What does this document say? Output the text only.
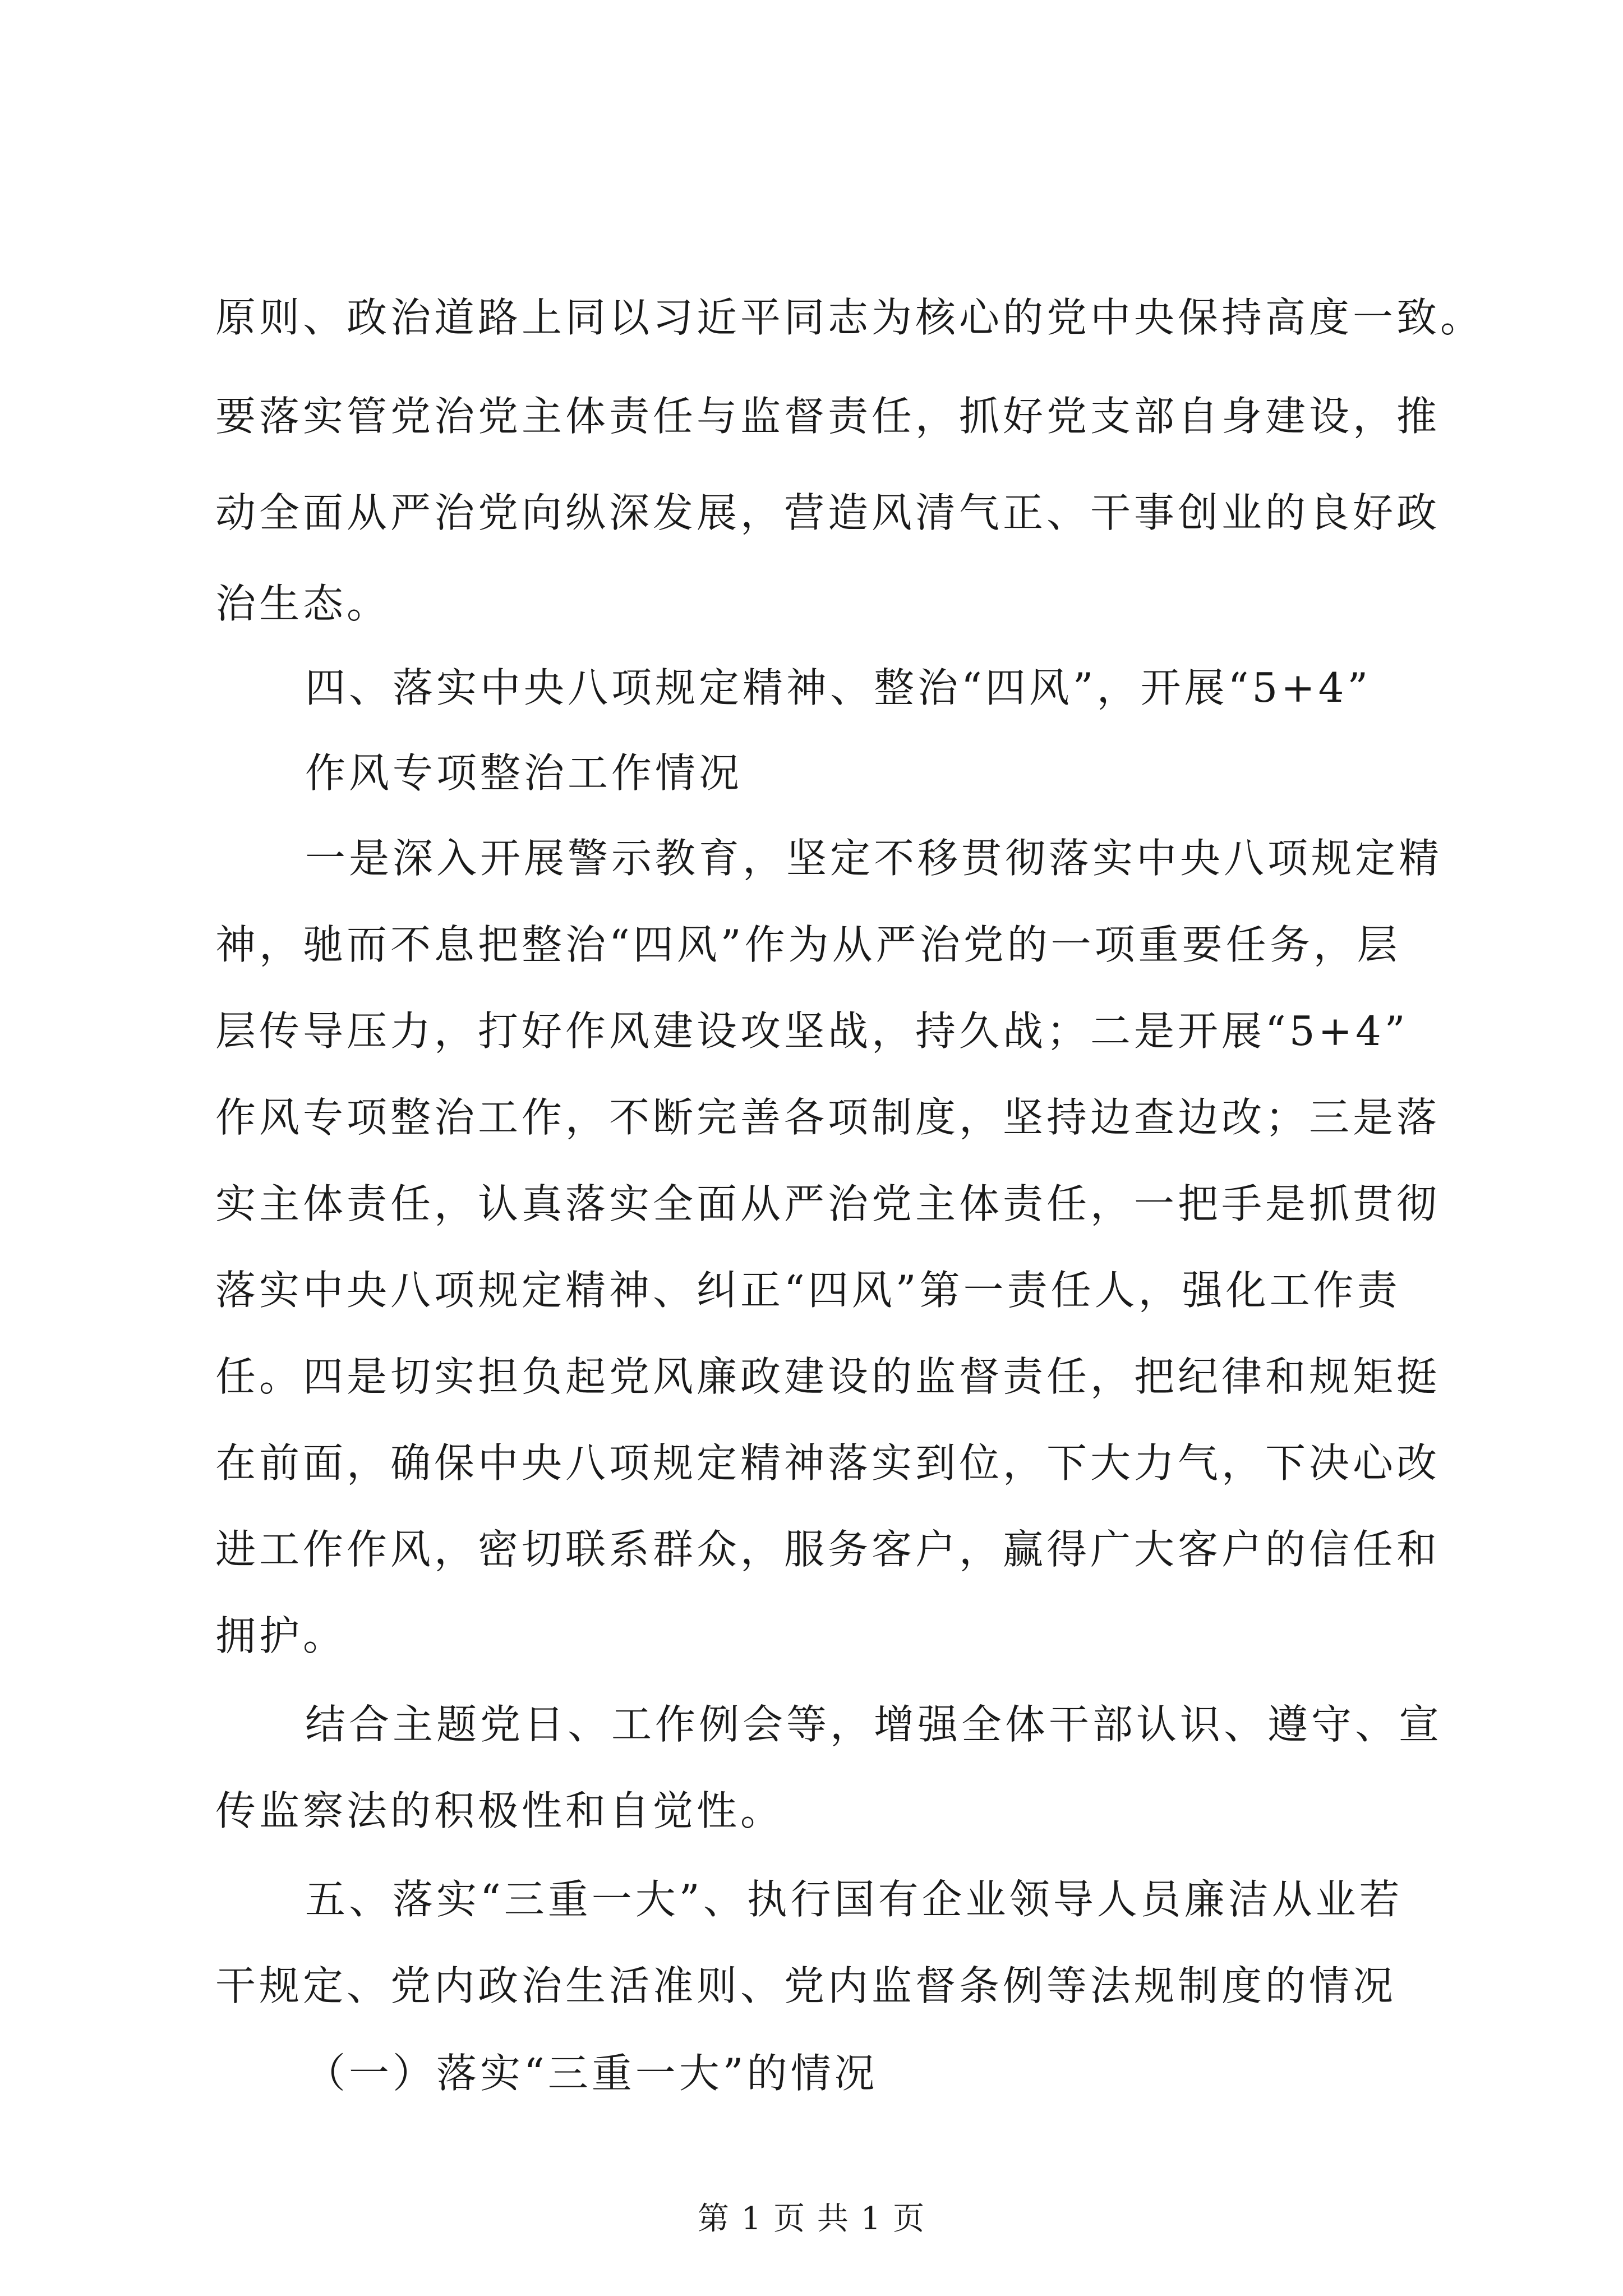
原则、政治道路上同以习近平同志为核心的党中央保持高度一致。
要落实管党治党主体责任与监督责任，抓好党支部自身建设，推
动全面从严治党向纵深发展，营造风清气正、干事创业的良好政
治生态。
四、落实中央八项规定精神、整治“四风”，开展“5+4”
作风专项整治工作情况
一是深入开展警示教育，坚定不移贯彻落实中央八项规定精
神，驰而不息把整治“四风”作为从严治党的一项重要任务，层
层传导压力，打好作风建设攻坚战，持久战；二是开展“5+4”
作风专项整治工作，不断完善各项制度，坚持边查边改；三是落
实主体责任，认真落实全面从严治党主体责任，一把手是抓贯彻
落实中央八项规定精神、纠正“四风”第一责任人，强化工作责
任。四是切实担负起党风廉政建设的监督责任，把纪律和规矩挺
在前面，确保中央八项规定精神落实到位，下大力气，下决心改
进工作作风，密切联系群众，服务客户，赢得广大客户的信任和
拥护。
结合主题党日、工作例会等，增强全体干部认识、遵守、宣
传监察法的积极性和自觉性。
五、落实“三重一大”、执行国有企业领导人员廉洁从业若
干规定、党内政治生活准则、党内监督条例等法规制度的情况
（一）落实“三重一大”的情况
第 1 页 共 1 页
